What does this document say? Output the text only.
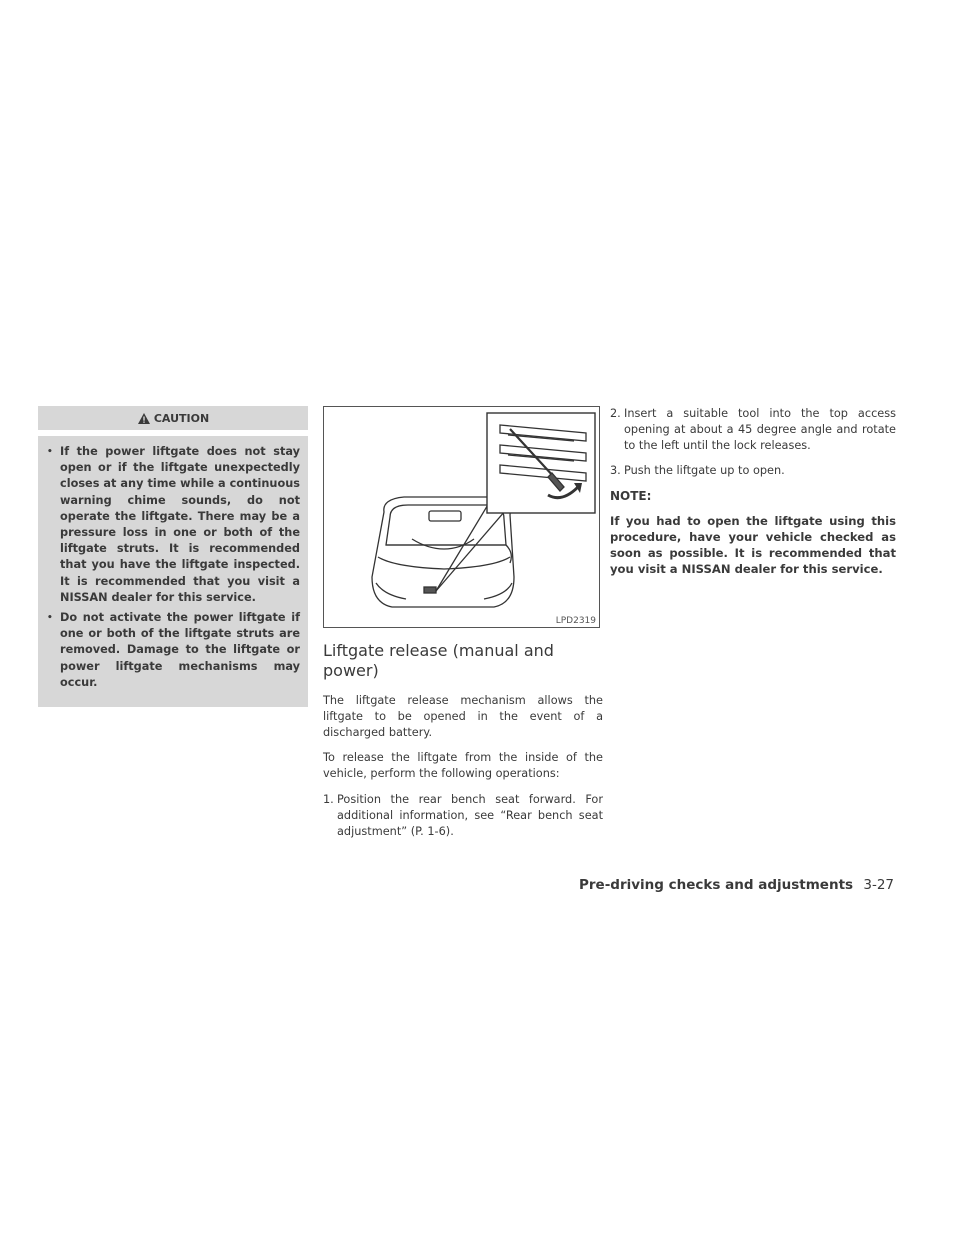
CAUTION
• If the power liftgate does not stay open or if the liftgate unexpectedly closes at any time while a continuous warning chime sounds, do not operate the liftgate. There may be a pressure loss in one or both of the liftgate struts. It is recommended that you have the liftgate inspected. It is recommended that you visit a NISSAN dealer for this service.
• Do not activate the power liftgate if one or both of the liftgate struts are removed. Damage to the liftgate or power liftgate mechanisms may occur.
LPD2319
Liftgate release (manual and power)

The liftgate release mechanism allows the liftgate to be opened in the event of a discharged battery.

To release the liftgate from the inside of the vehicle, perform the following operations:

1. Position the rear bench seat forward. For additional information, see “Rear bench seat adjustment” (P. 1-6).
2. Insert a suitable tool into the top access opening at about a 45 degree angle and rotate to the left until the lock releases.
3. Push the liftgate up to open.
NOTE:

If you had to open the liftgate using this procedure, have your vehicle checked as soon as possible. It is recommended that you visit a NISSAN dealer for this service.

Pre-driving checks and adjustments 3-27
